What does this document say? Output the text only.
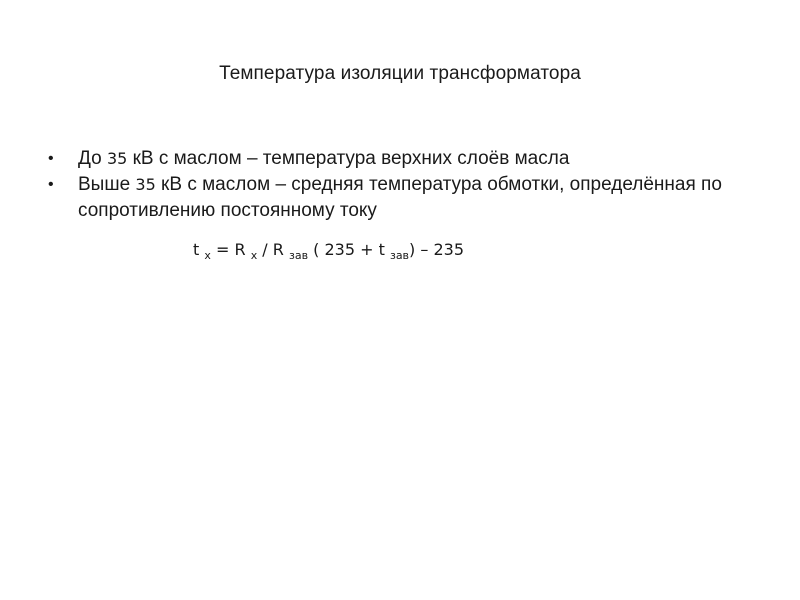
Температура изоляции трансформатора
•	До 35 кВ с маслом – температура верхних слоёв масла
•	Выше 35 кВ с маслом – средняя температура обмотки, определённая по сопротивлению постоянному току
t $_х$ = R $_х$ / R $_{зав}$ ( 235 + t $_{зав}$) – 235
